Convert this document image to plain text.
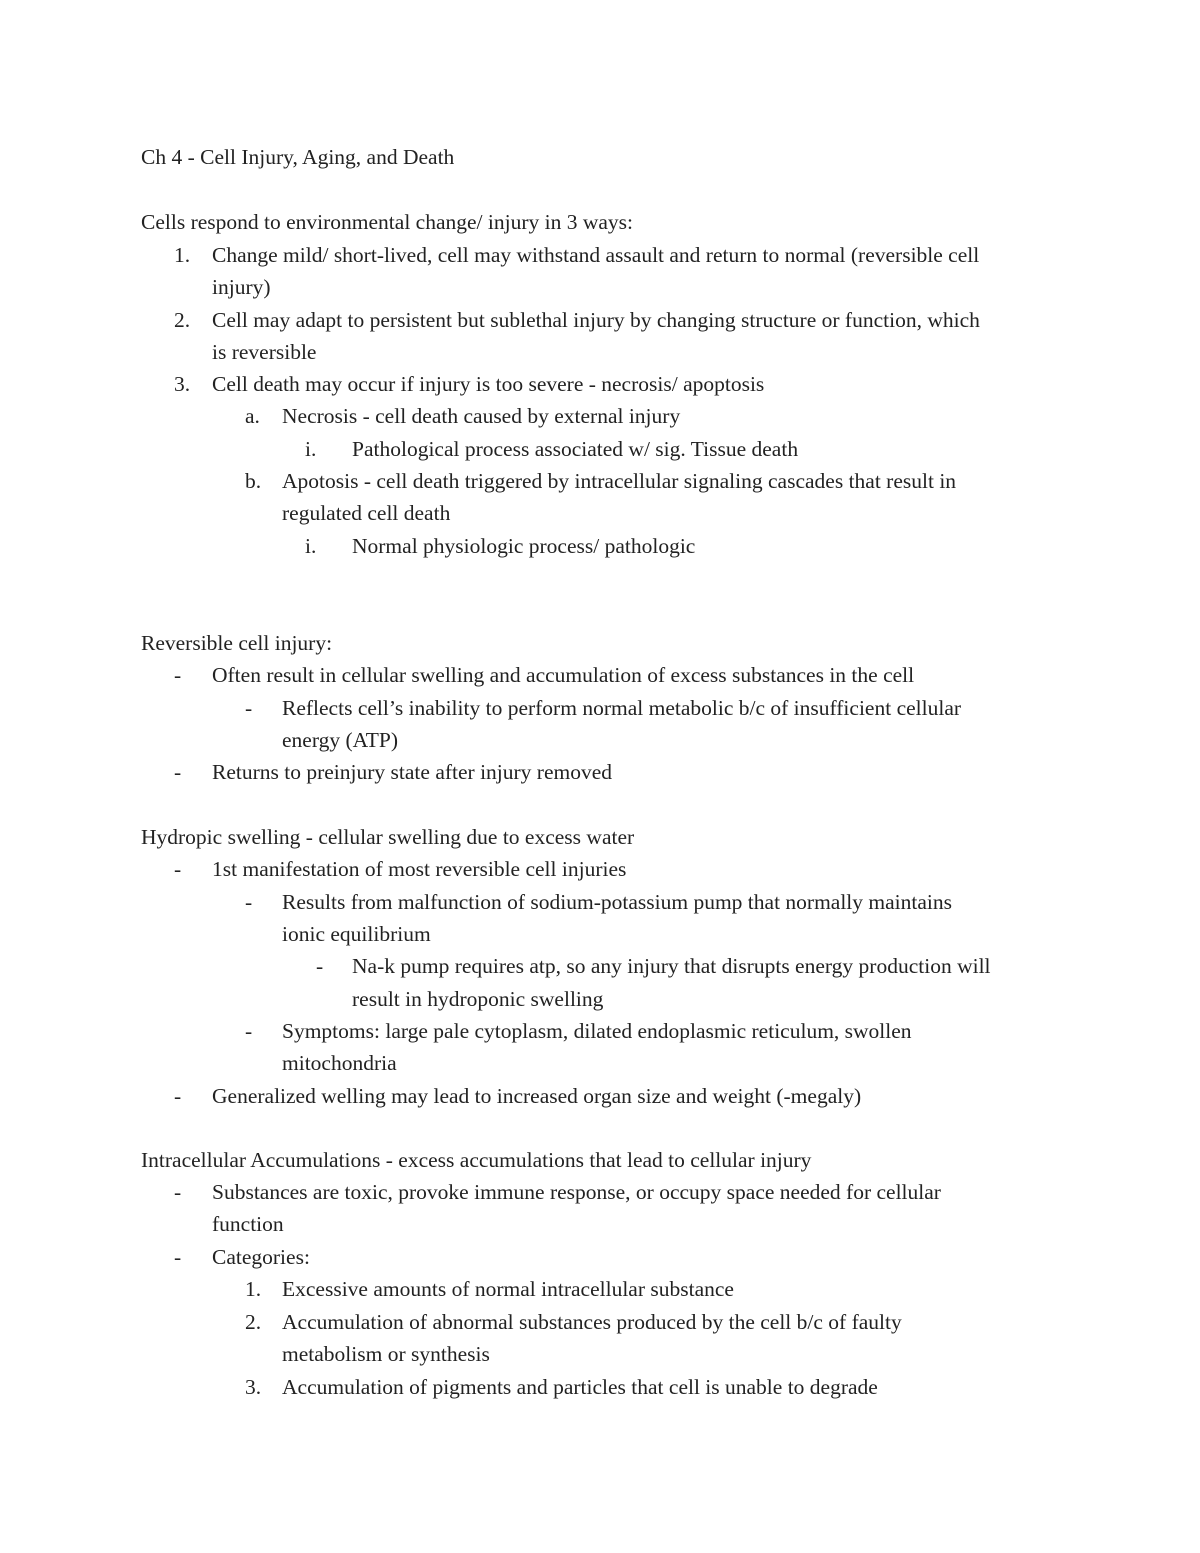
Ch 4 - Cell Injury, Aging, and Death
Cells respond to environmental change/ injury in 3 ways:
1. Change mild/ short-lived, cell may withstand assault and return to normal (reversible cell
injury)
2. Cell may adapt to persistent but sublethal injury by changing structure or function, which
is reversible
3. Cell death may occur if injury is too severe - necrosis/ apoptosis
a. Necrosis - cell death caused by external injury
i. Pathological process associated w/ sig. Tissue death
b. Apotosis - cell death triggered by intracellular signaling cascades that result in
regulated cell death
i. Normal physiologic process/ pathologic
Reversible cell injury:
- Often result in cellular swelling and accumulation of excess substances in the cell
- Reflects cell’s inability to perform normal metabolic b/c of insufficient cellular
energy (ATP)
- Returns to preinjury state after injury removed
Hydropic swelling - cellular swelling due to excess water
- 1st manifestation of most reversible cell injuries
- Results from malfunction of sodium-potassium pump that normally maintains
ionic equilibrium
- Na-k pump requires atp, so any injury that disrupts energy production will
result in hydroponic swelling
- Symptoms: large pale cytoplasm, dilated endoplasmic reticulum, swollen
mitochondria
- Generalized welling may lead to increased organ size and weight (-megaly)
Intracellular Accumulations - excess accumulations that lead to cellular injury
- Substances are toxic, provoke immune response, or occupy space needed for cellular
function
- Categories:
1. Excessive amounts of normal intracellular substance
2. Accumulation of abnormal substances produced by the cell b/c of faulty
metabolism or synthesis
3. Accumulation of pigments and particles that cell is unable to degrade
